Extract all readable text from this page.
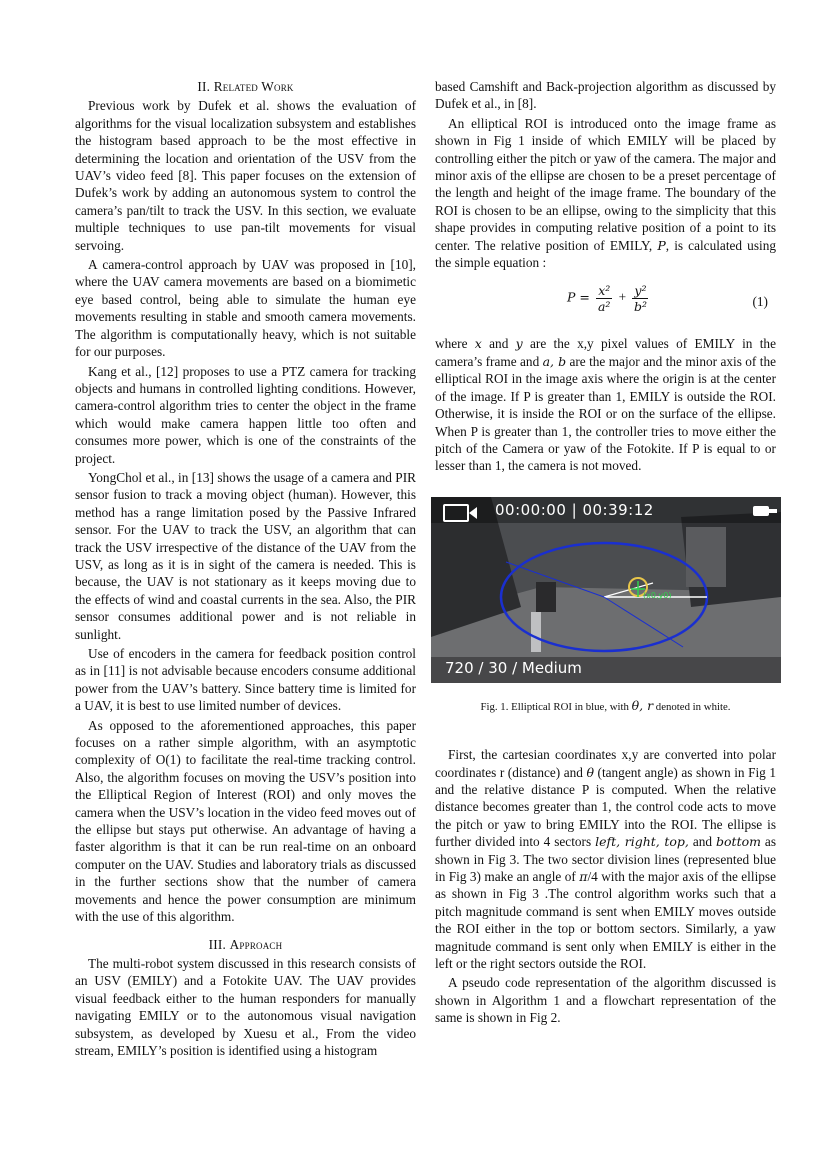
II. Related Work

Previous work by Dufek et al. shows the evaluation of algorithms for the visual localization subsystem and establishes the histogram based approach to be the most effective in determining the location and orientation of the USV from the UAV’s video feed [8]. This paper focuses on the extension of Dufek’s work by adding an autonomous system to control the camera’s pan/tilt to track the USV. In this section, we evaluate multiple techniques to use pan-tilt movements for visual servoing.

A camera-control approach by UAV was proposed in [10], where the UAV camera movements are based on a biomimetic eye based control, being able to simulate the human eye movements resulting in stable and smooth camera movements. The algorithm is computationally heavy, which is not suitable for our purposes.

Kang et al., [12] proposes to use a PTZ camera for tracking objects and humans in controlled lighting conditions. However, camera-control algorithm tries to center the object in the frame which would make camera happen little too often and consumes more power, which is one of the constraints of the project.

YongChol et al., in [13] shows the usage of a camera and PIR sensor fusion to track a moving object (human). However, this method has a range limitation posed by the Passive Infrared sensor. For the UAV to track the USV, an algorithm that can track the USV irrespective of the distance of the UAV from the USV, as long as it is in sight of the camera is needed. This is because, the UAV is not stationary as it keeps moving due to the effects of wind and coastal currents in the sea. Also, the PIR sensor consumes additional power and is not reliable in sunlight.

Use of encoders in the camera for feedback position control as in [11] is not advisable because encoders consume additional power from the UAV’s battery. Since battery time is limited for a UAV, it is best to use limited number of devices.

As opposed to the aforementioned approaches, this paper focuses on a rather simple algorithm, with an asymptotic complexity of O(1) to facilitate the real-time tracking control. Also, the algorithm focuses on moving the USV’s position into the Elliptical Region of Interest (ROI) and only moves the camera when the USV’s location in the video feed moves out of the ellipse but stays put otherwise. An advantage of having a faster algorithm is that it can be run real-time on an onboard computer on the UAV. Studies and laboratory trials as discussed in the further sections show that the number of camera movements and hence the power consumption are minimum with the use of this algorithm.

III. Approach

The multi-robot system discussed in this research consists of an USV (EMILY) and a Fotokite UAV. The UAV provides visual feedback either to the human responders for manually navigating EMILY or to the autonomous visual navigation subsystem, as developed by Xuesu et al., From the video stream, EMILY’s position is identified using a histogram

based Camshift and Back-projection algorithm as discussed by Dufek et al., in [8].

An elliptical ROI is introduced onto the image frame as shown in Fig 1 inside of which EMILY will be placed by controlling either the pitch or yaw of the camera. The major and minor axis of the ellipse are chosen to be a preset percentage of the length and height of the image frame. The boundary of the ROI is chosen to be an ellipse, owing to the simplicity that this shape provides in computing relative position of a point to its center. The relative position of EMILY, P, is calculated using the simple equation :

$P = \frac{\text{x²}}{\text{a²}} + \frac{\text{y²}}{\text{b²}}$	(1)

where x and y are the x,y pixel values of EMILY in the camera’s frame and a, b are the major and the minor axis of the elliptical ROI in the image axis where the origin is at the center of the image. If P is greater than 1, EMILY is outside the ROI. Otherwise, it is inside the ROI or on the surface of the ellipse. When P is greater than 1, the controller tries to move either the pitch of the Camera or yaw of the Fotokite. If P is equal to or lesser than 1, the camera is not moved.

(x0,y0)
00:00:00 | 00:39:12
720 / 30 / Medium
Fig. 1. Elliptical ROI in blue, with θ, r denoted in white.

First, the cartesian coordinates x,y are converted into polar coordinates r (distance) and θ (tangent angle) as shown in Fig 1 and the relative distance P is computed. When the relative distance becomes greater than 1, the control code acts to move the pitch or yaw to bring EMILY into the ROI. The ellipse is further divided into 4 sectors left, right, top, and bottom as shown in Fig 3. The two sector division lines (represented blue in Fig 3) make an angle of π/4 with the major axis of the ellipse as shown in Fig 3 .The control algorithm works such that a pitch magnitude command is sent when EMILY moves outside the ROI either in the top or bottom sectors. Similarly, a yaw magnitude command is sent only when EMILY is either in the left or the right sectors outside the ROI.

A pseudo code representation of the algorithm discussed is shown in Algorithm 1 and a flowchart representation of the same is shown in Fig 2.
